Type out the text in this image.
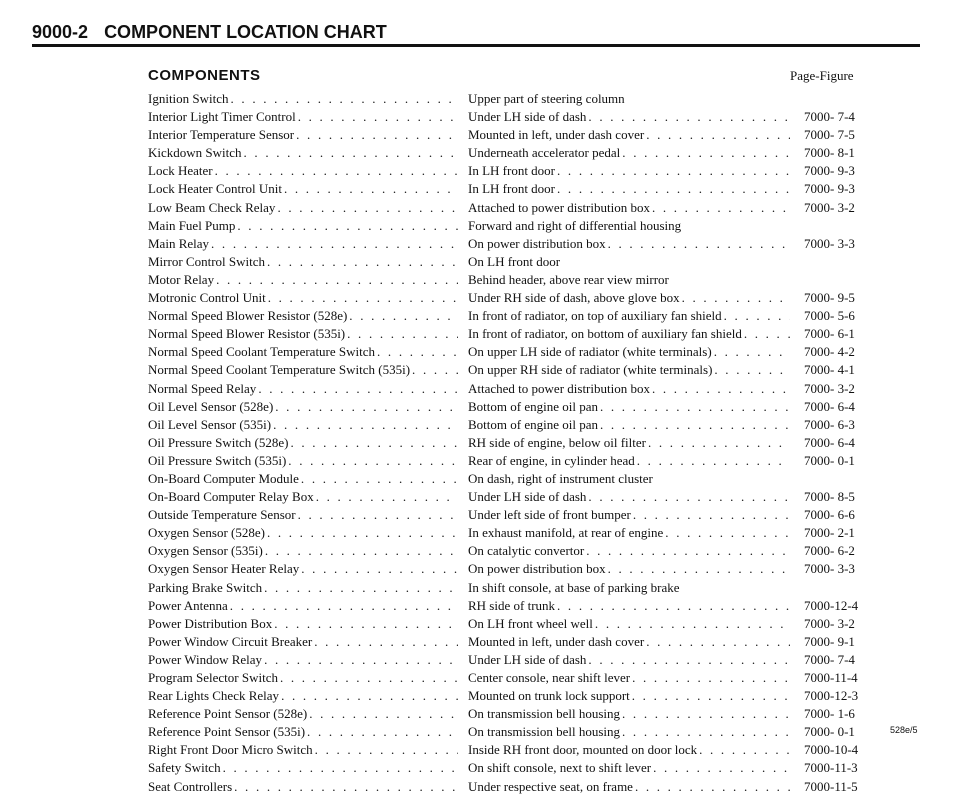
9000-2 COMPONENT LOCATION CHART
COMPONENTS	Page-Figure
Ignition Switch . . .	Upper part of steering column
Interior Light Timer Control . . .	Under LH side of dash . . .	7000- 7-4
Interior Temperature Sensor . . .	Mounted in left, under dash cover . . .	7000- 7-5
Kickdown Switch . . .	Underneath accelerator pedal . . .	7000- 8-1
Lock Heater . . .	In LH front door . . .	7000- 9-3
Lock Heater Control Unit . . .	In LH front door . . .	7000- 9-3
Low Beam Check Relay . . .	Attached to power distribution box . . .	7000- 3-2
Main Fuel Pump . . .	Forward and right of differential housing
Main Relay . . .	On power distribution box . . .	7000- 3-3
Mirror Control Switch . . .	On LH front door
Motor Relay . . .	Behind header, above rear view mirror
Motronic Control Unit . . .	Under RH side of dash, above glove box . . .	7000- 9-5
Normal Speed Blower Resistor (528e) . . .	In front of radiator, on top of auxiliary fan shield . . .	7000- 5-6
Normal Speed Blower Resistor (535i) . . .	In front of radiator, on bottom of auxiliary fan shield . . .	7000- 6-1
Normal Speed Coolant Temperature Switch . . .	On upper LH side of radiator (white terminals) . . .	7000- 4-2
Normal Speed Coolant Temperature Switch (535i) . . .	On upper RH side of radiator (white terminals) . . .	7000- 4-1
Normal Speed Relay . . .	Attached to power distribution box . . .	7000- 3-2
Oil Level Sensor (528e) . . .	Bottom of engine oil pan . . .	7000- 6-4
Oil Level Sensor (535i) . . .	Bottom of engine oil pan . . .	7000- 6-3
Oil Pressure Switch (528e) . . .	RH side of engine, below oil filter . . .	7000- 6-4
Oil Pressure Switch (535i) . . .	Rear of engine, in cylinder head . . .	7000- 0-1
On-Board Computer Module . . .	On dash, right of instrument cluster
On-Board Computer Relay Box . . .	Under LH side of dash . . .	7000- 8-5
Outside Temperature Sensor . . .	Under left side of front bumper . . .	7000- 6-6
Oxygen Sensor (528e) . . .	In exhaust manifold, at rear of engine . . .	7000- 2-1
Oxygen Sensor (535i) . . .	On catalytic convertor . . .	7000- 6-2
Oxygen Sensor Heater Relay . . .	On power distribution box . . .	7000- 3-3
Parking Brake Switch . . .	In shift console, at base of parking brake
Power Antenna . . .	RH side of trunk . . .	7000-12-4
Power Distribution Box . . .	On LH front wheel well . . .	7000- 3-2
Power Window Circuit Breaker . . .	Mounted in left, under dash cover . . .	7000- 9-1
Power Window Relay . . .	Under LH side of dash . . .	7000- 7-4
Program Selector Switch . . .	Center console, near shift lever . . .	7000-11-4
Rear Lights Check Relay . . .	Mounted on trunk lock support . . .	7000-12-3
Reference Point Sensor (528e) . . .	On transmission bell housing . . .	7000- 1-6
Reference Point Sensor (535i) . . .	On transmission bell housing . . .	7000- 0-1
Right Front Door Micro Switch . . .	Inside RH front door, mounted on door lock . . .	7000-10-4
Safety Switch . . .	On shift console, next to shift lever . . .	7000-11-3
Seat Controllers . . .	Under respective seat, on frame . . .	7000-11-5
528e/5
